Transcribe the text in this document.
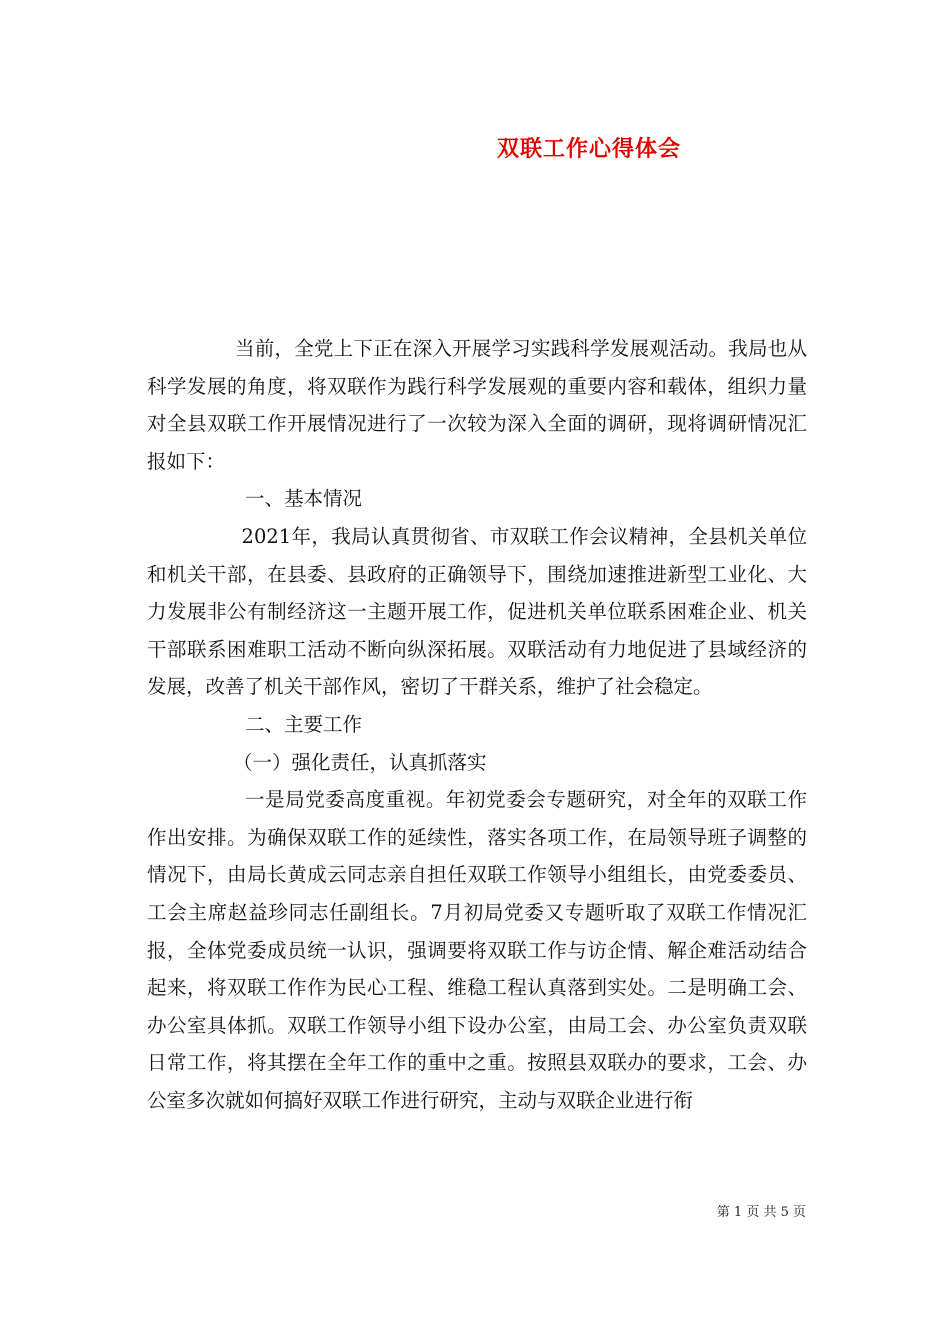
双联工作心得体会

当前，全党上下正在深入开展学习实践科学发展观活动。我局也从科学发展的角度，将双联作为践行科学发展观的重要内容和载体，组织力量对全县双联工作开展情况进行了一次较为深入全面的调研，现将调研情况汇报如下：

一、基本情况

2021年，我局认真贯彻省、市双联工作会议精神，全县机关单位和机关干部，在县委、县政府的正确领导下，围绕加速推进新型工业化、大力发展非公有制经济这一主题开展工作，促进机关单位联系困难企业、机关干部联系困难职工活动不断向纵深拓展。双联活动有力地促进了县域经济的发展，改善了机关干部作风，密切了干群关系，维护了社会稳定。

二、主要工作

（一）强化责任，认真抓落实

一是局党委高度重视。年初党委会专题研究，对全年的双联工作作出安排。为确保双联工作的延续性，落实各项工作，在局领导班子调整的情况下，由局长黄成云同志亲自担任双联工作领导小组组长，由党委委员、工会主席赵益珍同志任副组长。7月初局党委又专题听取了双联工作情况汇报，全体党委成员统一认识，强调要将双联工作与访企情、解企难活动结合起来，将双联工作作为民心工程、维稳工程认真落到实处。二是明确工会、办公室具体抓。双联工作领导小组下设办公室，由局工会、办公室负责双联日常工作，将其摆在全年工作的重中之重。按照县双联办的要求，工会、办公室多次就如何搞好双联工作进行研究，主动与双联企业进行衔

第 1 页 共 5 页
